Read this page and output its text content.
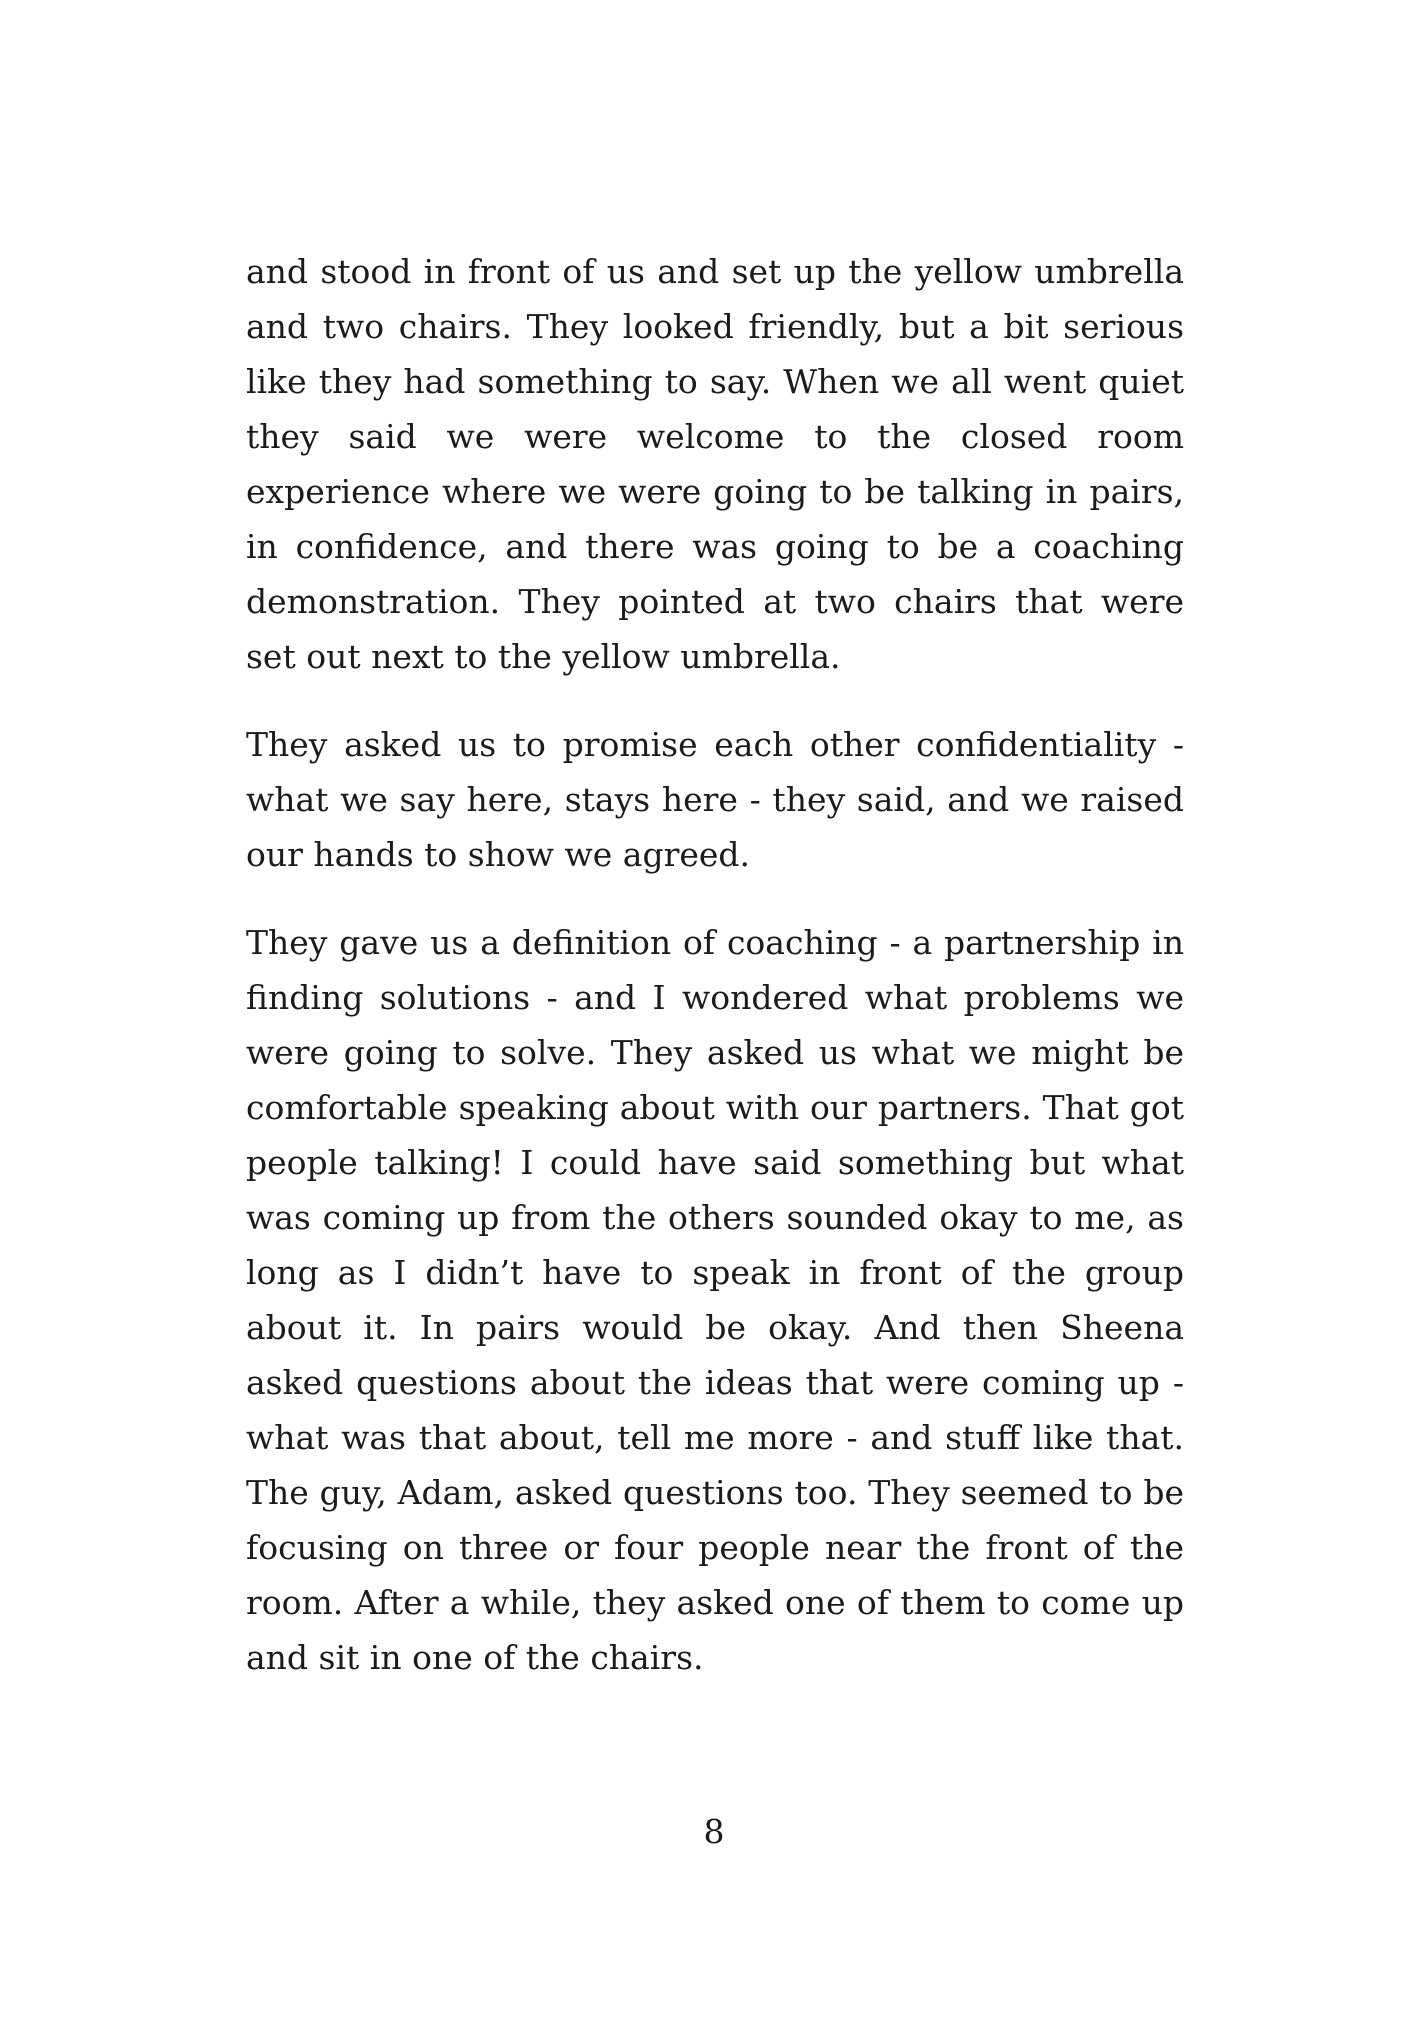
and stood in front of us and set up the yellow umbrella and two chairs. They looked friendly, but a bit serious like they had something to say. When we all went quiet they said we were welcome to the closed room experience where we were going to be talking in pairs, in confidence, and there was going to be a coaching demonstration. They pointed at two chairs that were set out next to the yellow umbrella.

They asked us to promise each other confidentiality - what we say here, stays here - they said, and we raised our hands to show we agreed.

They gave us a definition of coaching - a partnership in finding solutions - and I wondered what problems we were going to solve. They asked us what we might be comfortable speaking about with our partners. That got people talking! I could have said something but what was coming up from the others sounded okay to me, as long as I didn’t have to speak in front of the group about it. In pairs would be okay. And then Sheena asked questions about the ideas that were coming up - what was that about, tell me more - and stuff like that. The guy, Adam, asked questions too. They seemed to be focusing on three or four people near the front of the room. After a while, they asked one of them to come up and sit in one of the chairs.

8
